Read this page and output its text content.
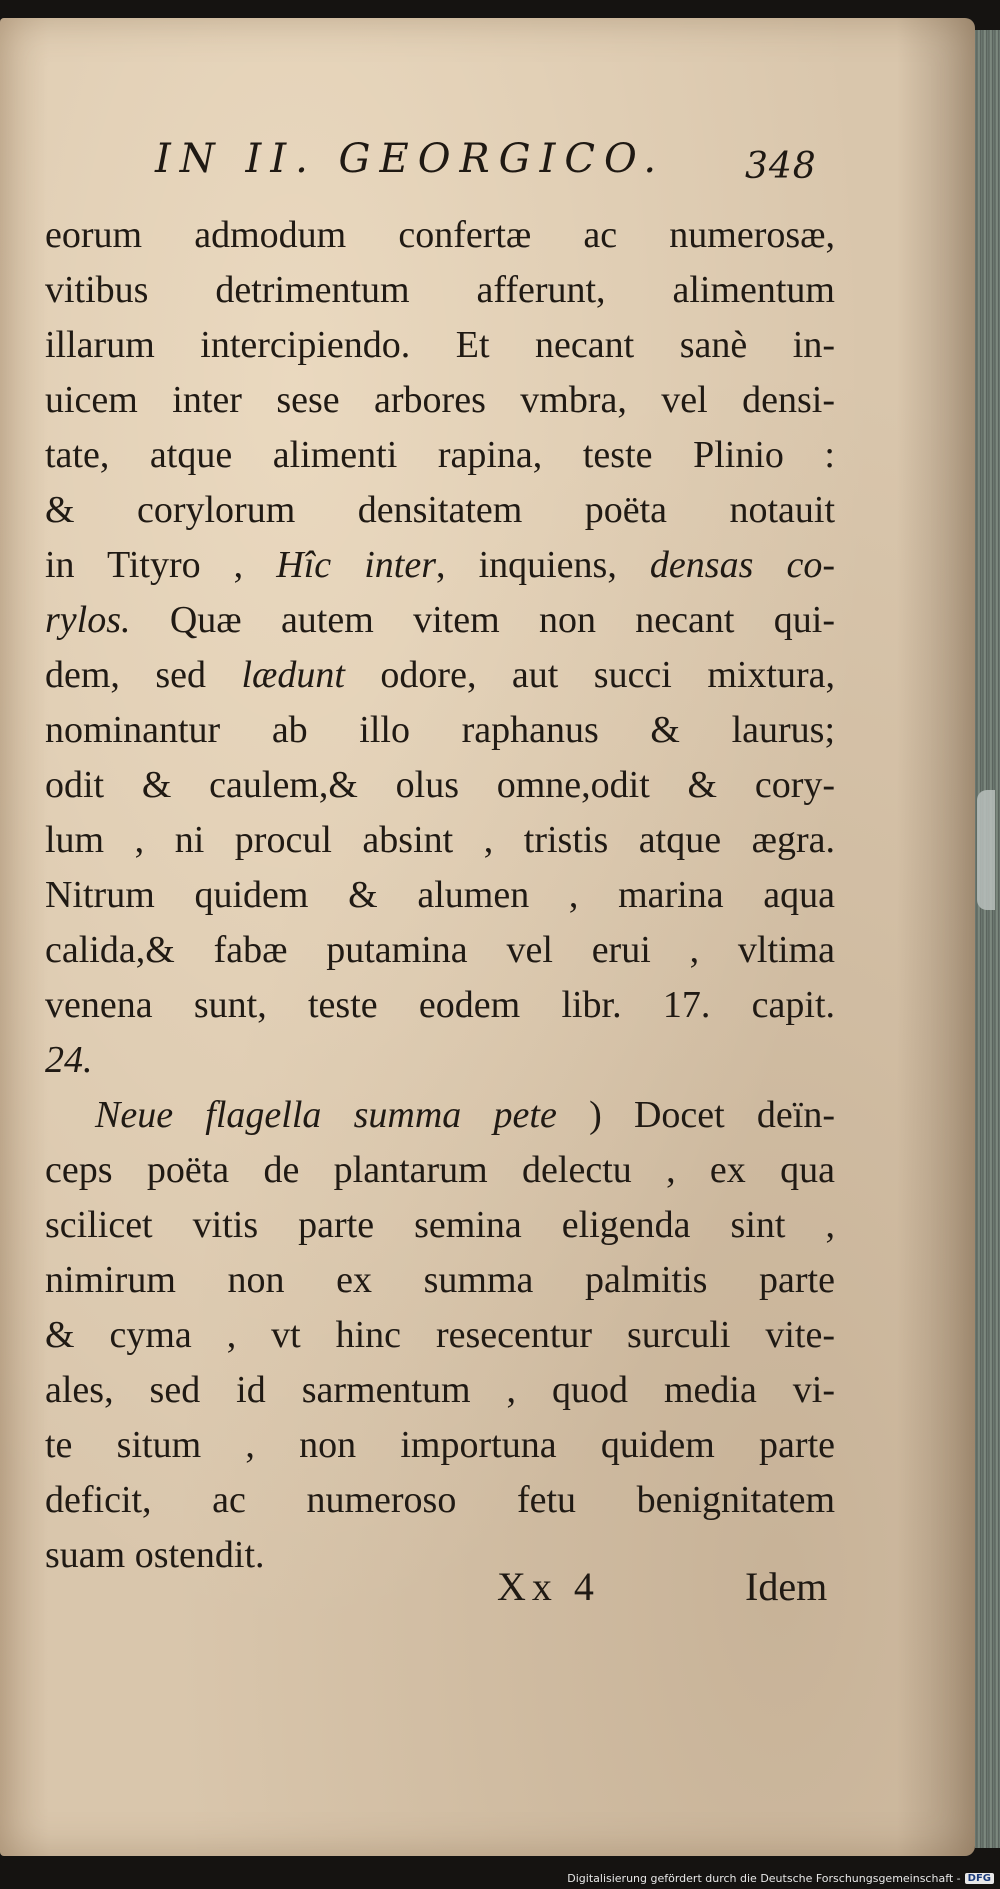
IN II. GEORGICO. 348
eorum admodum confertæ ac numerosæ,
vitibus detrimentum afferunt, alimentum
illarum intercipiendo. Et necant sanè in-
uicem inter sese arbores vmbra, vel densi-
tate, atque alimenti rapina, teste Plinio :
& corylorum densitatem poëta notauit
in Tityro , Hîc inter, inquiens, densas co-
rylos. Quæ autem vitem non necant qui-
dem, sed lædunt odore, aut succi mixtura,
nominantur ab illo raphanus & laurus;
odit & caulem,& olus omne,odit & cory-
lum , ni procul absint , tristis atque ægra.
Nitrum quidem & alumen , marina aqua
calida,& fabæ putamina vel erui , vltima
venena sunt, teste eodem libr. 17. capit.
24.
Neue flagella summa pete ) Docet deïn-
ceps poëta de plantarum delectu , ex qua
scilicet vitis parte semina eligenda sint ,
nimirum non ex summa palmitis parte
& cyma , vt hinc resecentur surculi vite-
ales, sed id sarmentum , quod media vi-
te situm , non importuna quidem parte
deficit, ac numeroso fetu benignitatem
suam ostendit.
Xx 4	Idem
Digitalisierung gefördert durch die Deutsche Forschungsgemeinschaft - DFG
